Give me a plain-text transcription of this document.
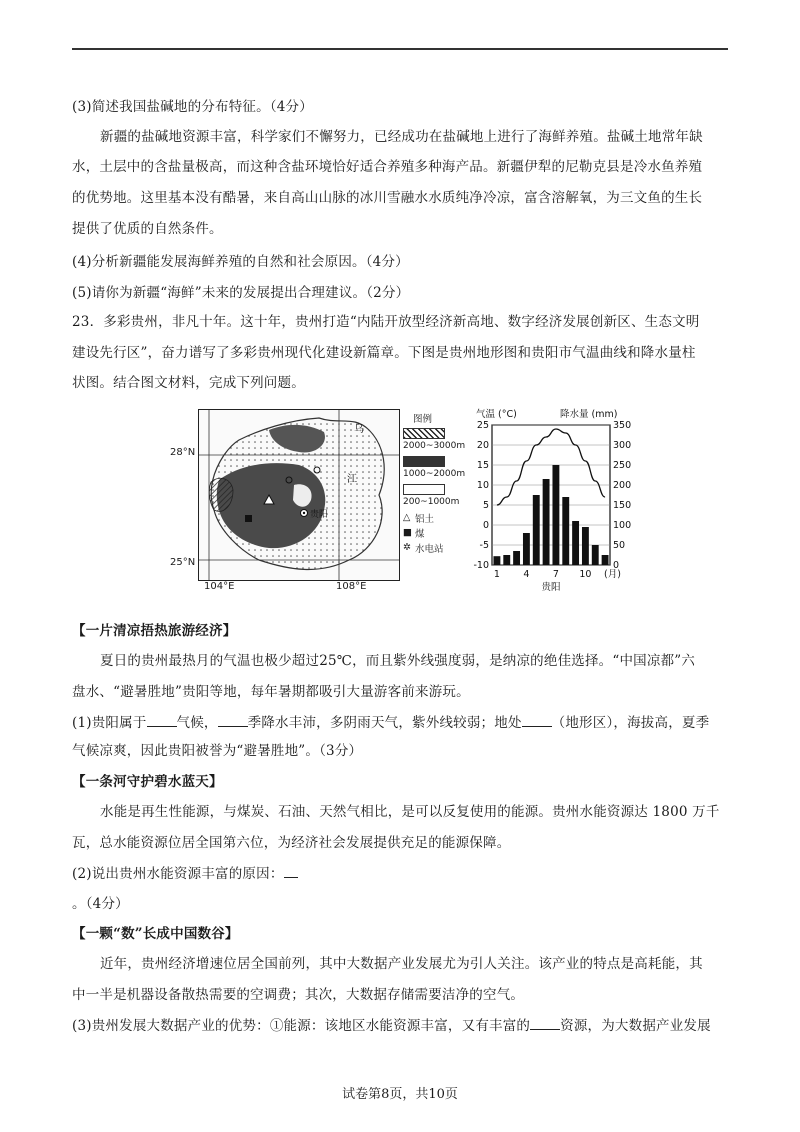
(3)简述我国盐碱地的分布特征。（4分）
新疆的盐碱地资源丰富，科学家们不懈努力，已经成功在盐碱地上进行了海鲜养殖。盐碱土地常年缺
水，土层中的含盐量极高，而这种含盐环境恰好适合养殖多种海产品。新疆伊犁的尼勒克县是冷水鱼养殖
的优势地。这里基本没有酷暑，来自高山山脉的冰川雪融水水质纯净冷凉，富含溶解氧，为三文鱼的生长
提供了优质的自然条件。
(4)分析新疆能发展海鲜养殖的自然和社会原因。（4分）
(5)请你为新疆“海鲜”未来的发展提出合理建议。（2分）
23．多彩贵州，非凡十年。这十年，贵州打造“内陆开放型经济新高地、数字经济发展创新区、生态文明
建设先行区”，奋力谱写了多彩贵州现代化建设新篇章。下图是贵州地形图和贵阳市气温曲线和降水量柱
状图。结合图文材料，完成下列问题。
28°N
25°N
104°E	108°E
贵阳
乌
江
图例
2000~3000m
1000~2000m
200~1000m
△ 铝土
■ 煤
✲ 水电站
气温 (°C)	降水量 (mm)
-10
-5
0
5
10
15
20
25
0
50
100
150
200
250
300
350
1 4 7 10 (月)
贵阳
【一片清凉捂热旅游经济】
夏日的贵州最热月的气温也极少超过25℃，而且紫外线强度弱，是纳凉的绝佳选择。“中国凉都”六
盘水、“避暑胜地”贵阳等地，每年暑期都吸引大量游客前来游玩。
(1)贵阳属于 气候， 季降水丰沛，多阴雨天气，紫外线较弱；地处 （地形区），海拔高，夏季
气候凉爽，因此贵阳被誉为“避暑胜地”。（3分）
【一条河守护碧水蓝天】
水能是再生性能源，与煤炭、石油、天然气相比，是可以反复使用的能源。贵州水能资源达 1800 万千
瓦，总水能资源位居全国第六位，为经济社会发展提供充足的能源保障。
(2)说出贵州水能资源丰富的原因：
。（4分）
【一颗“数”长成中国数谷】
近年，贵州经济增速位居全国前列，其中大数据产业发展尤为引人关注。该产业的特点是高耗能，其
中一半是机器设备散热需要的空调费；其次，大数据存储需要洁净的空气。
(3)贵州发展大数据产业的优势：①能源：该地区水能资源丰富，又有丰富的 资源，为大数据产业发展
试卷第8页，共10页
